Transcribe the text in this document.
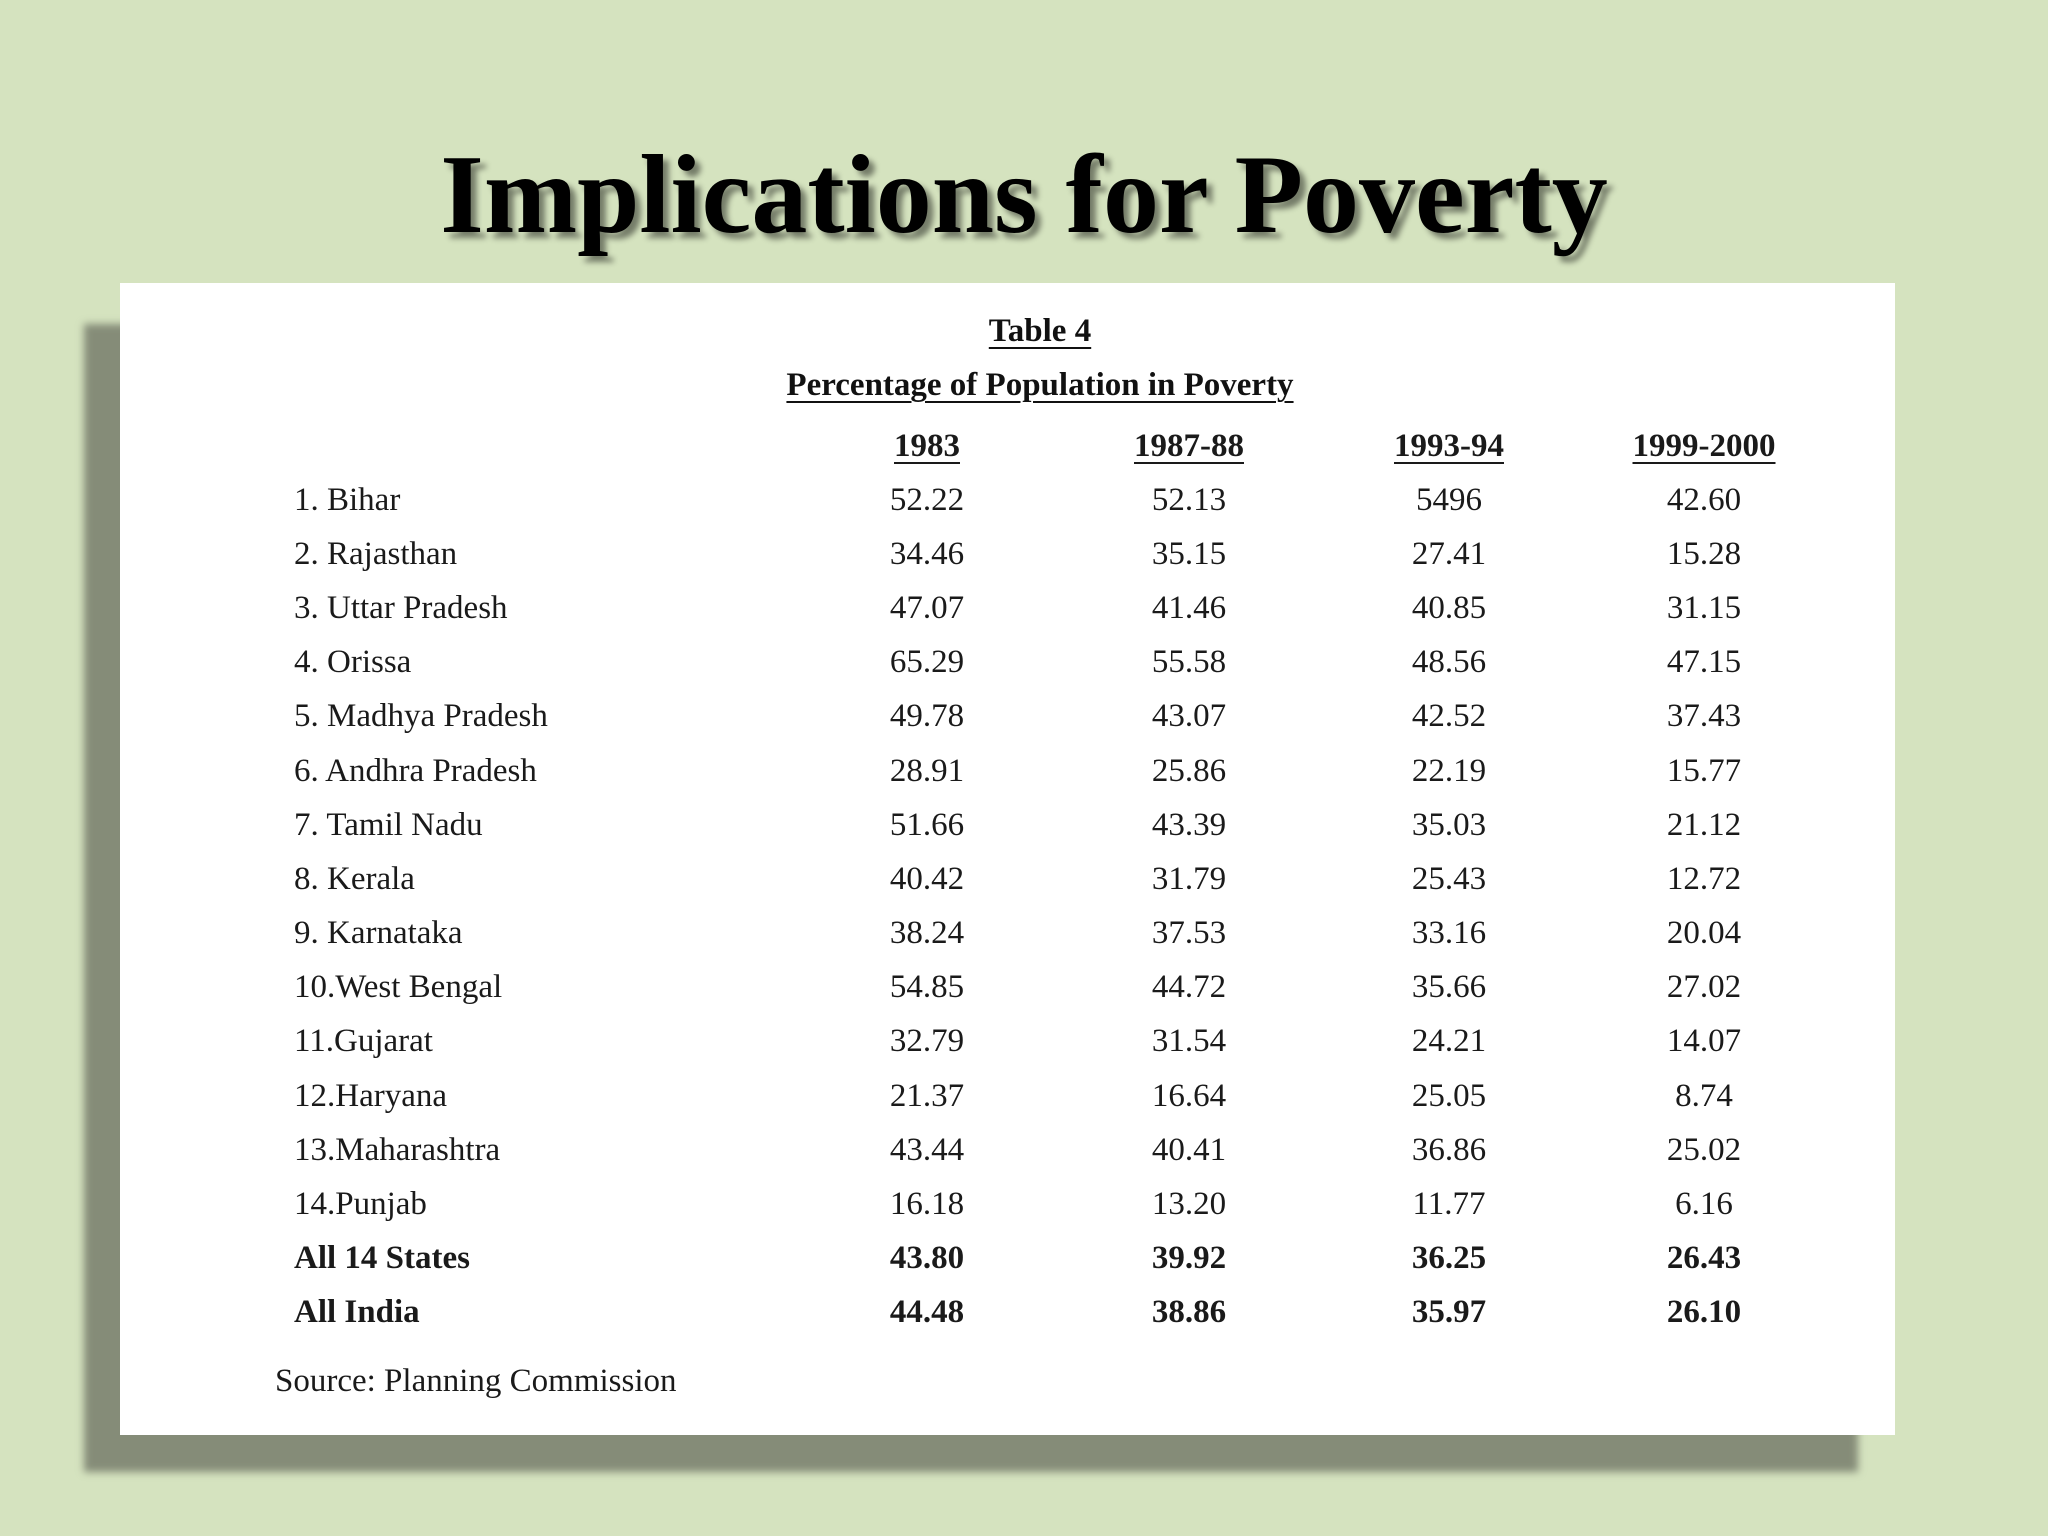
Implications for Poverty
Table 4
Percentage of Population in Poverty
	1983	1987-88	1993-94	1999-2000
1. Bihar	52.22	52.13	5496	42.60
2. Rajasthan	34.46	35.15	27.41	15.28
3. Uttar Pradesh	47.07	41.46	40.85	31.15
4. Orissa	65.29	55.58	48.56	47.15
5. Madhya Pradesh	49.78	43.07	42.52	37.43
6. Andhra Pradesh	28.91	25.86	22.19	15.77
7. Tamil Nadu	51.66	43.39	35.03	21.12
8. Kerala	40.42	31.79	25.43	12.72
9. Karnataka	38.24	37.53	33.16	20.04
10.West Bengal	54.85	44.72	35.66	27.02
11.Gujarat	32.79	31.54	24.21	14.07
12.Haryana	21.37	16.64	25.05	8.74
13.Maharashtra	43.44	40.41	36.86	25.02
14.Punjab	16.18	13.20	11.77	6.16
All 14 States	43.80	39.92	36.25	26.43
All India	44.48	38.86	35.97	26.10
Source: Planning Commission
